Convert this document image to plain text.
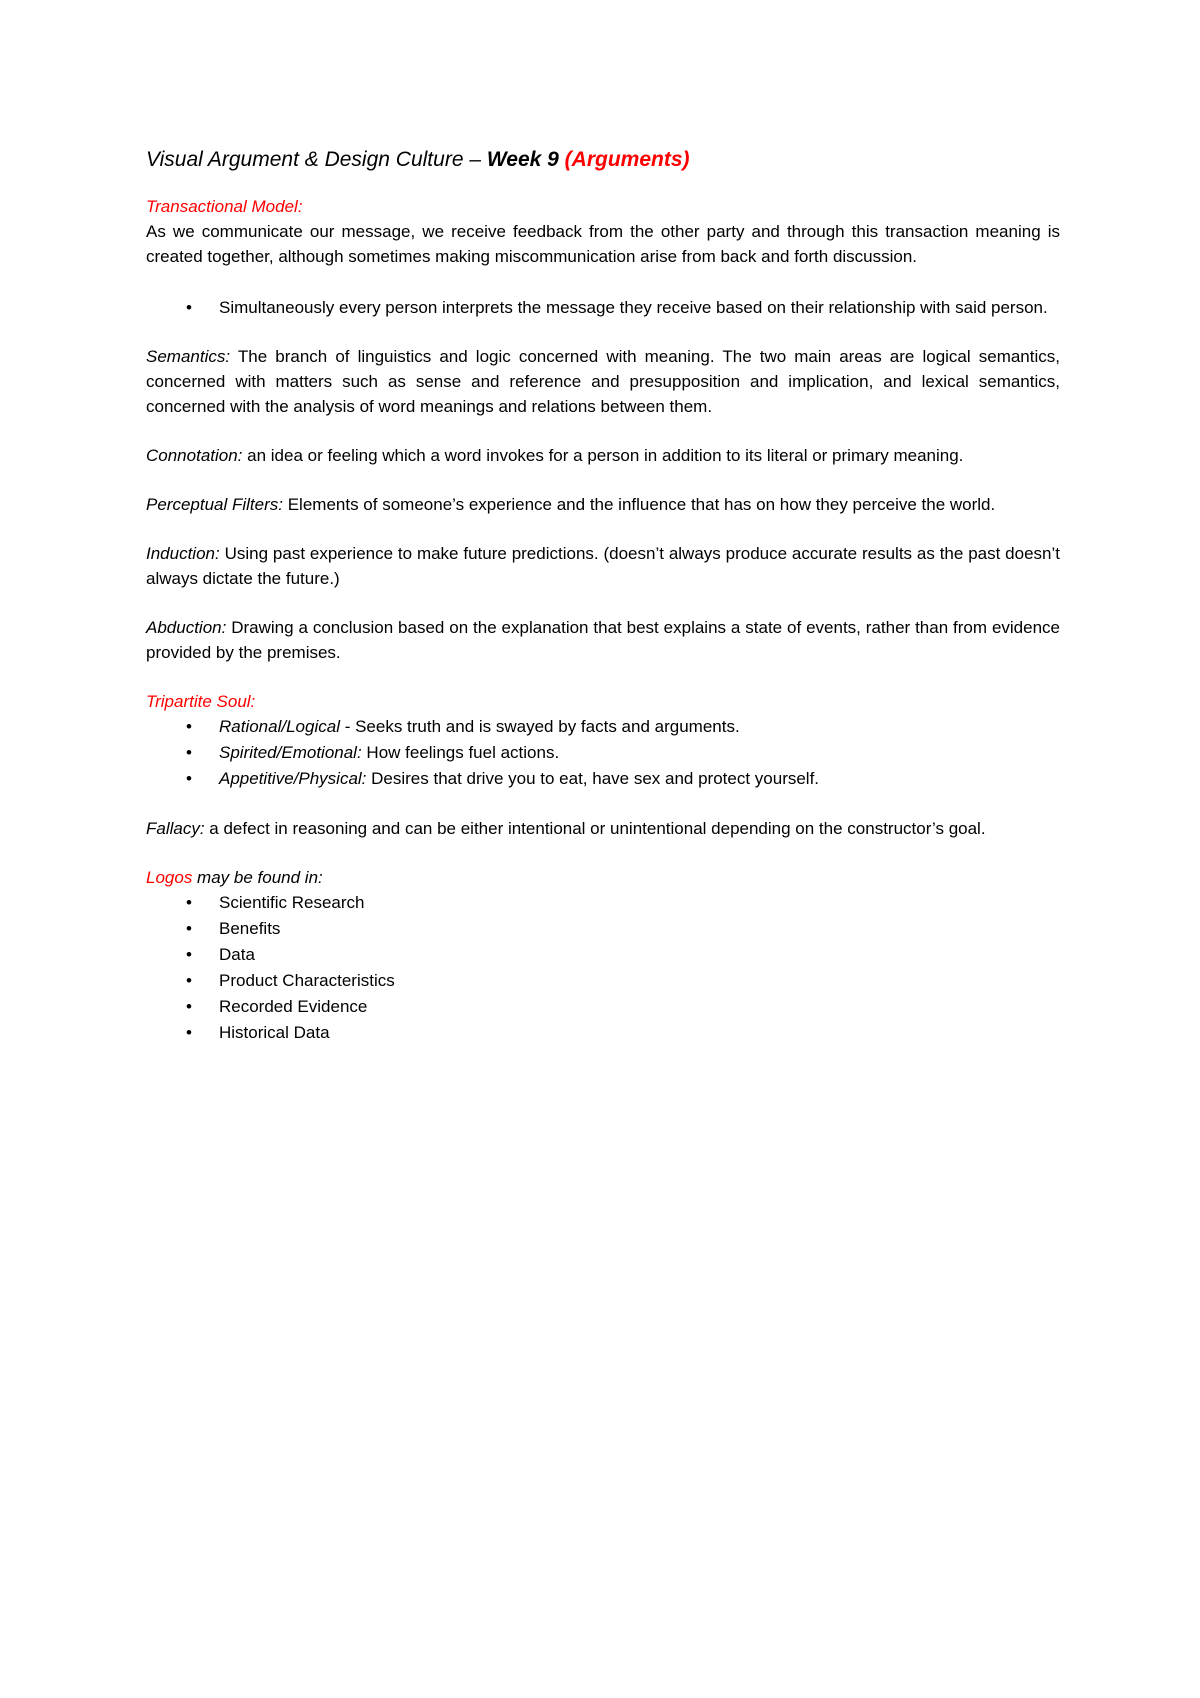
Visual Argument & Design Culture – Week 9 (Arguments)

Transactional Model:

As we communicate our message, we receive feedback from the other party and through this transaction meaning is created together, although sometimes making miscommunication arise from back and forth discussion.

• Simultaneously every person interprets the message they receive based on their relationship with said person.

Semantics: The branch of linguistics and logic concerned with meaning. The two main areas are logical semantics, concerned with matters such as sense and reference and presupposition and implication, and lexical semantics, concerned with the analysis of word meanings and relations between them.

Connotation: an idea or feeling which a word invokes for a person in addition to its literal or primary meaning.

Perceptual Filters: Elements of someone’s experience and the influence that has on how they perceive the world.

Induction: Using past experience to make future predictions. (doesn’t always produce accurate results as the past doesn’t always dictate the future.)

Abduction: Drawing a conclusion based on the explanation that best explains a state of events, rather than from evidence provided by the premises.

Tripartite Soul:

• Rational/Logical - Seeks truth and is swayed by facts and arguments.
• Spirited/Emotional: How feelings fuel actions.
• Appetitive/Physical: Desires that drive you to eat, have sex and protect yourself.

Fallacy: a defect in reasoning and can be either intentional or unintentional depending on the constructor’s goal.

Logos may be found in:

• Scientific Research
• Benefits
• Data
• Product Characteristics
• Recorded Evidence
• Historical Data
